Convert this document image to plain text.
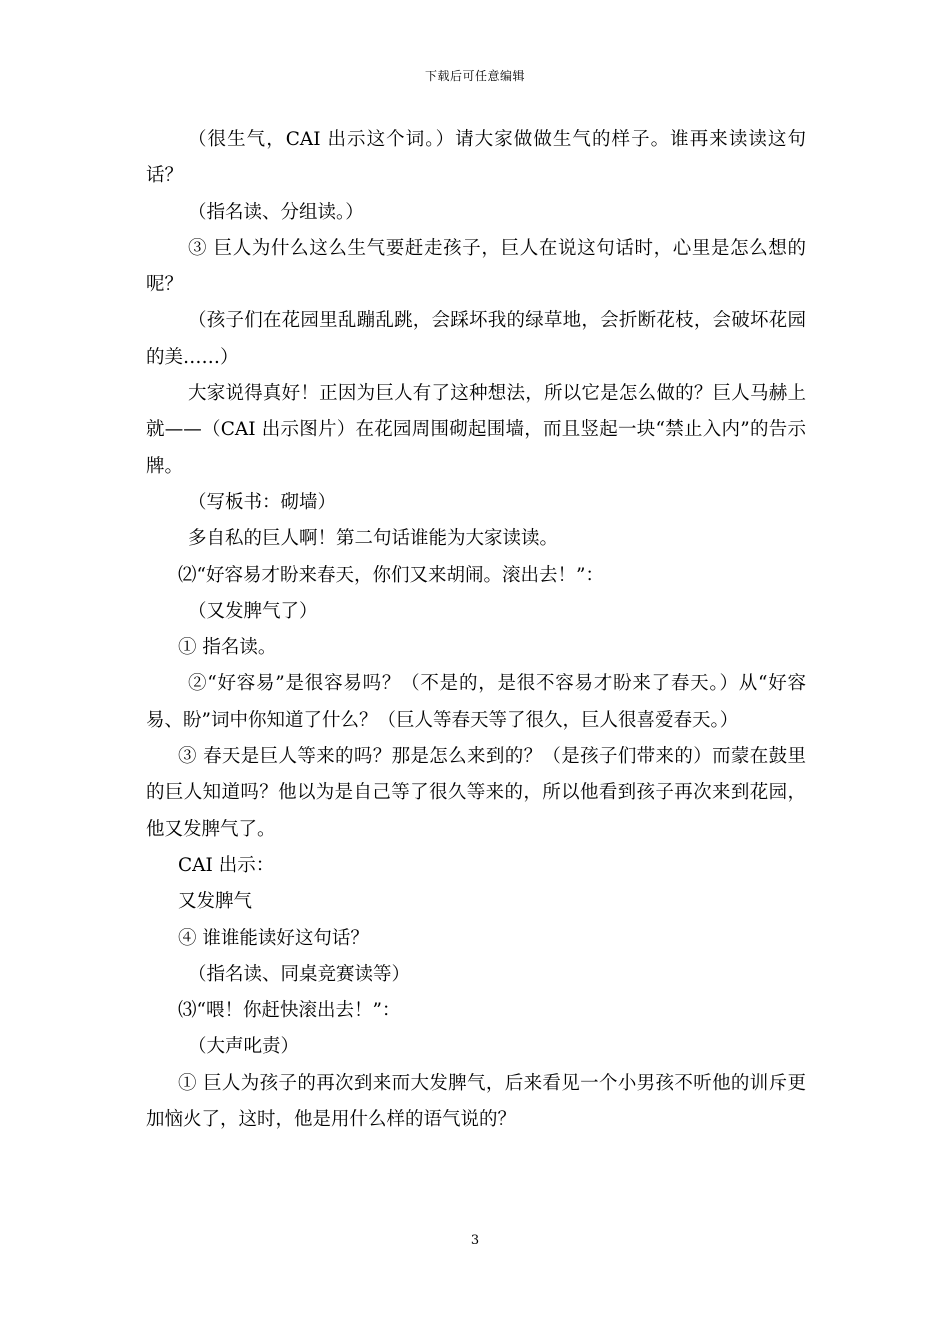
下载后可任意编辑

（很生气，CAI 出示这个词。）请大家做做生气的样子。谁再来读读这句话？

（指名读、分组读。）

③ 巨人为什么这么生气要赶走孩子，巨人在说这句话时，心里是怎么想的呢？

（孩子们在花园里乱蹦乱跳，会踩坏我的绿草地，会折断花枝，会破坏花园的美……）

大家说得真好！正因为巨人有了这种想法，所以它是怎么做的？巨人马赫上就——（CAI 出示图片）在花园周围砌起围墙，而且竖起一块“禁止入内”的告示牌。

（写板书：砌墙）

多自私的巨人啊！第二句话谁能为大家读读。

⑵“好容易才盼来春天，你们又来胡闹。滚出去！”：

（又发脾气了）

① 指名读。

②“好容易”是很容易吗？（不是的，是很不容易才盼来了春天。）从“好容易、盼”词中你知道了什么？（巨人等春天等了很久，巨人很喜爱春天。）

③ 春天是巨人等来的吗？那是怎么来到的？（是孩子们带来的）而蒙在鼓里的巨人知道吗？他以为是自己等了很久等来的，所以他看到孩子再次来到花园，他又发脾气了。

CAI 出示：

又发脾气

④ 谁谁能读好这句话？

（指名读、同桌竞赛读等）

⑶“喂！你赶快滚出去！”：

（大声叱责）

① 巨人为孩子的再次到来而大发脾气，后来看见一个小男孩不听他的训斥更加恼火了，这时，他是用什么样的语气说的？

3
